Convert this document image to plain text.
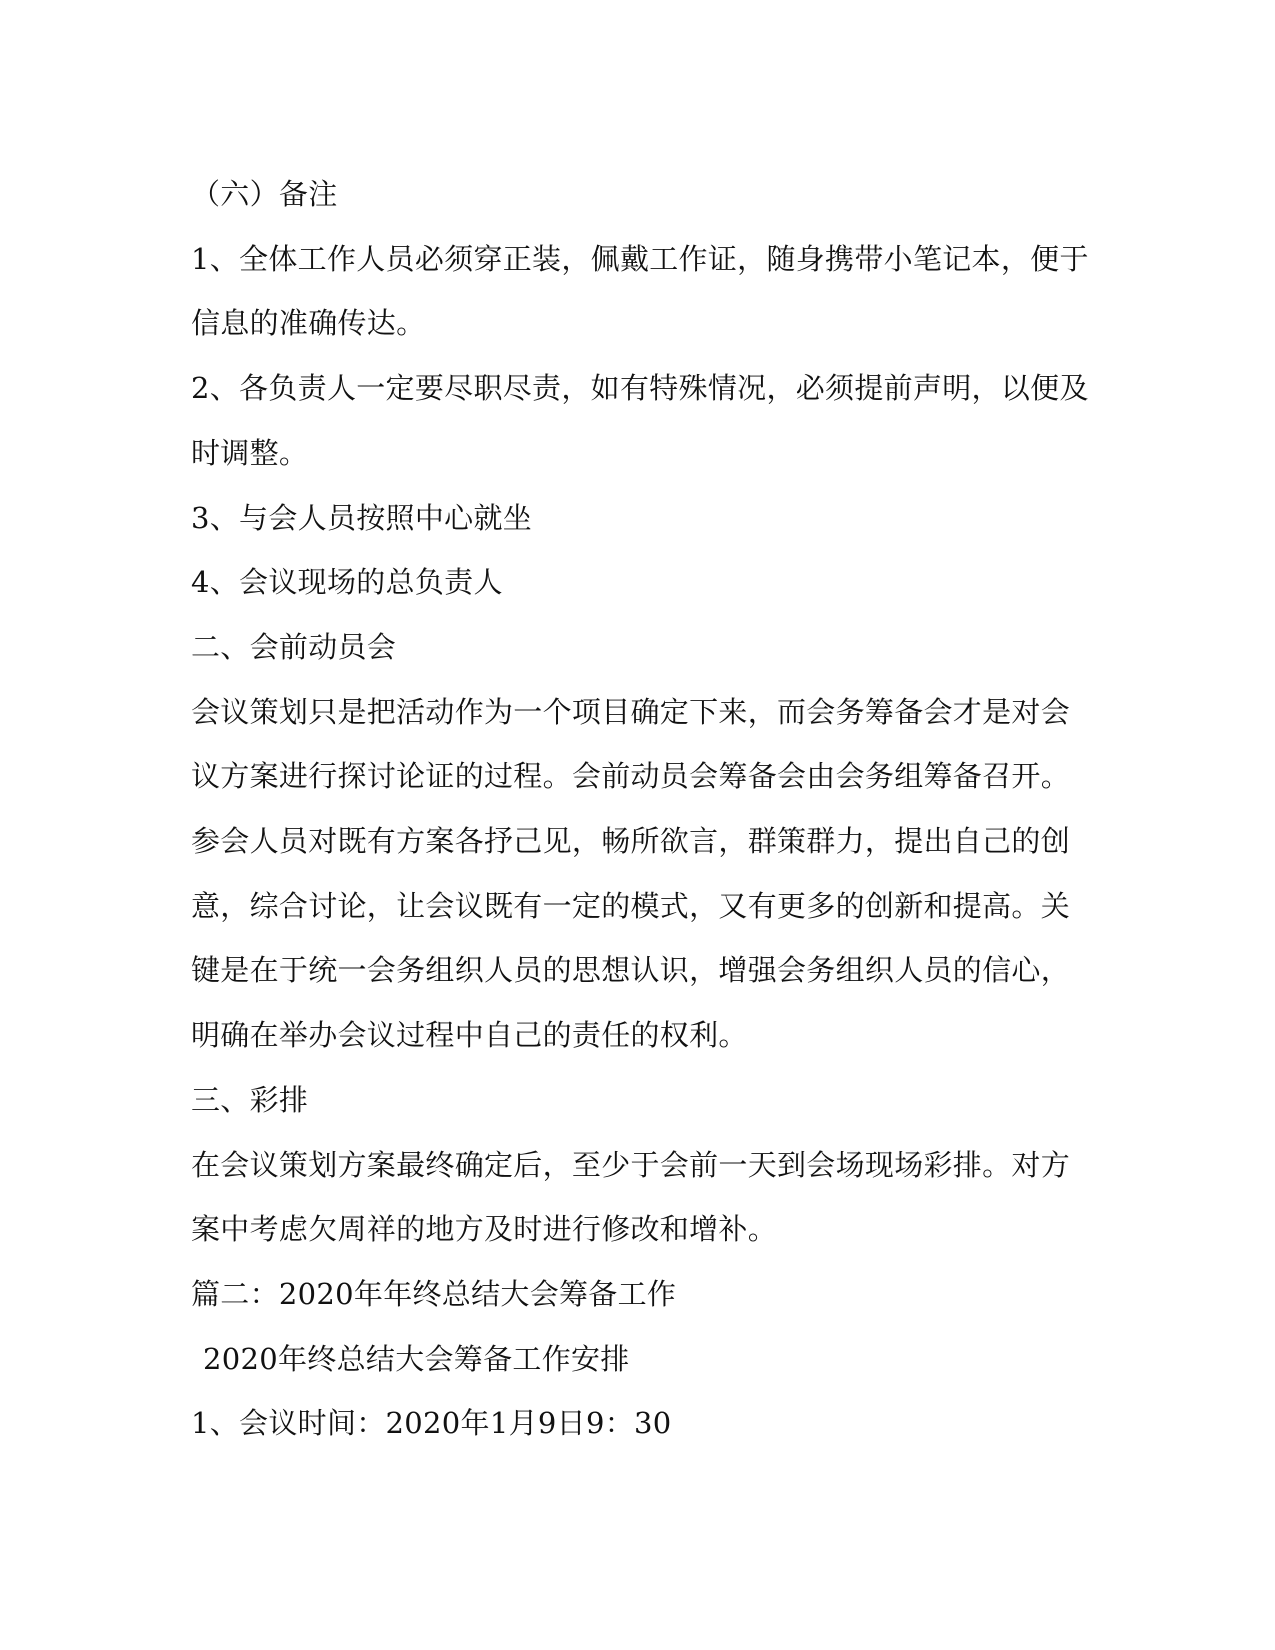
（六）备注

1、全体工作人员必须穿正装，佩戴工作证，随身携带小笔记本，便于

信息的准确传达。

2、各负责人一定要尽职尽责，如有特殊情况，必须提前声明，以便及

时调整。

3、与会人员按照中心就坐

4、会议现场的总负责人

二、会前动员会

会议策划只是把活动作为一个项目确定下来，而会务筹备会才是对会

议方案进行探讨论证的过程。会前动员会筹备会由会务组筹备召开。

参会人员对既有方案各抒己见，畅所欲言，群策群力，提出自己的创

意，综合讨论，让会议既有一定的模式，又有更多的创新和提高。关

键是在于统一会务组织人员的思想认识，增强会务组织人员的信心，

明确在举办会议过程中自己的责任的权利。

三、彩排

在会议策划方案最终确定后，至少于会前一天到会场现场彩排。对方

案中考虑欠周祥的地方及时进行修改和增补。

篇二：2020年年终总结大会筹备工作

2020年终总结大会筹备工作安排

1、会议时间：2020年1月9日9：30
